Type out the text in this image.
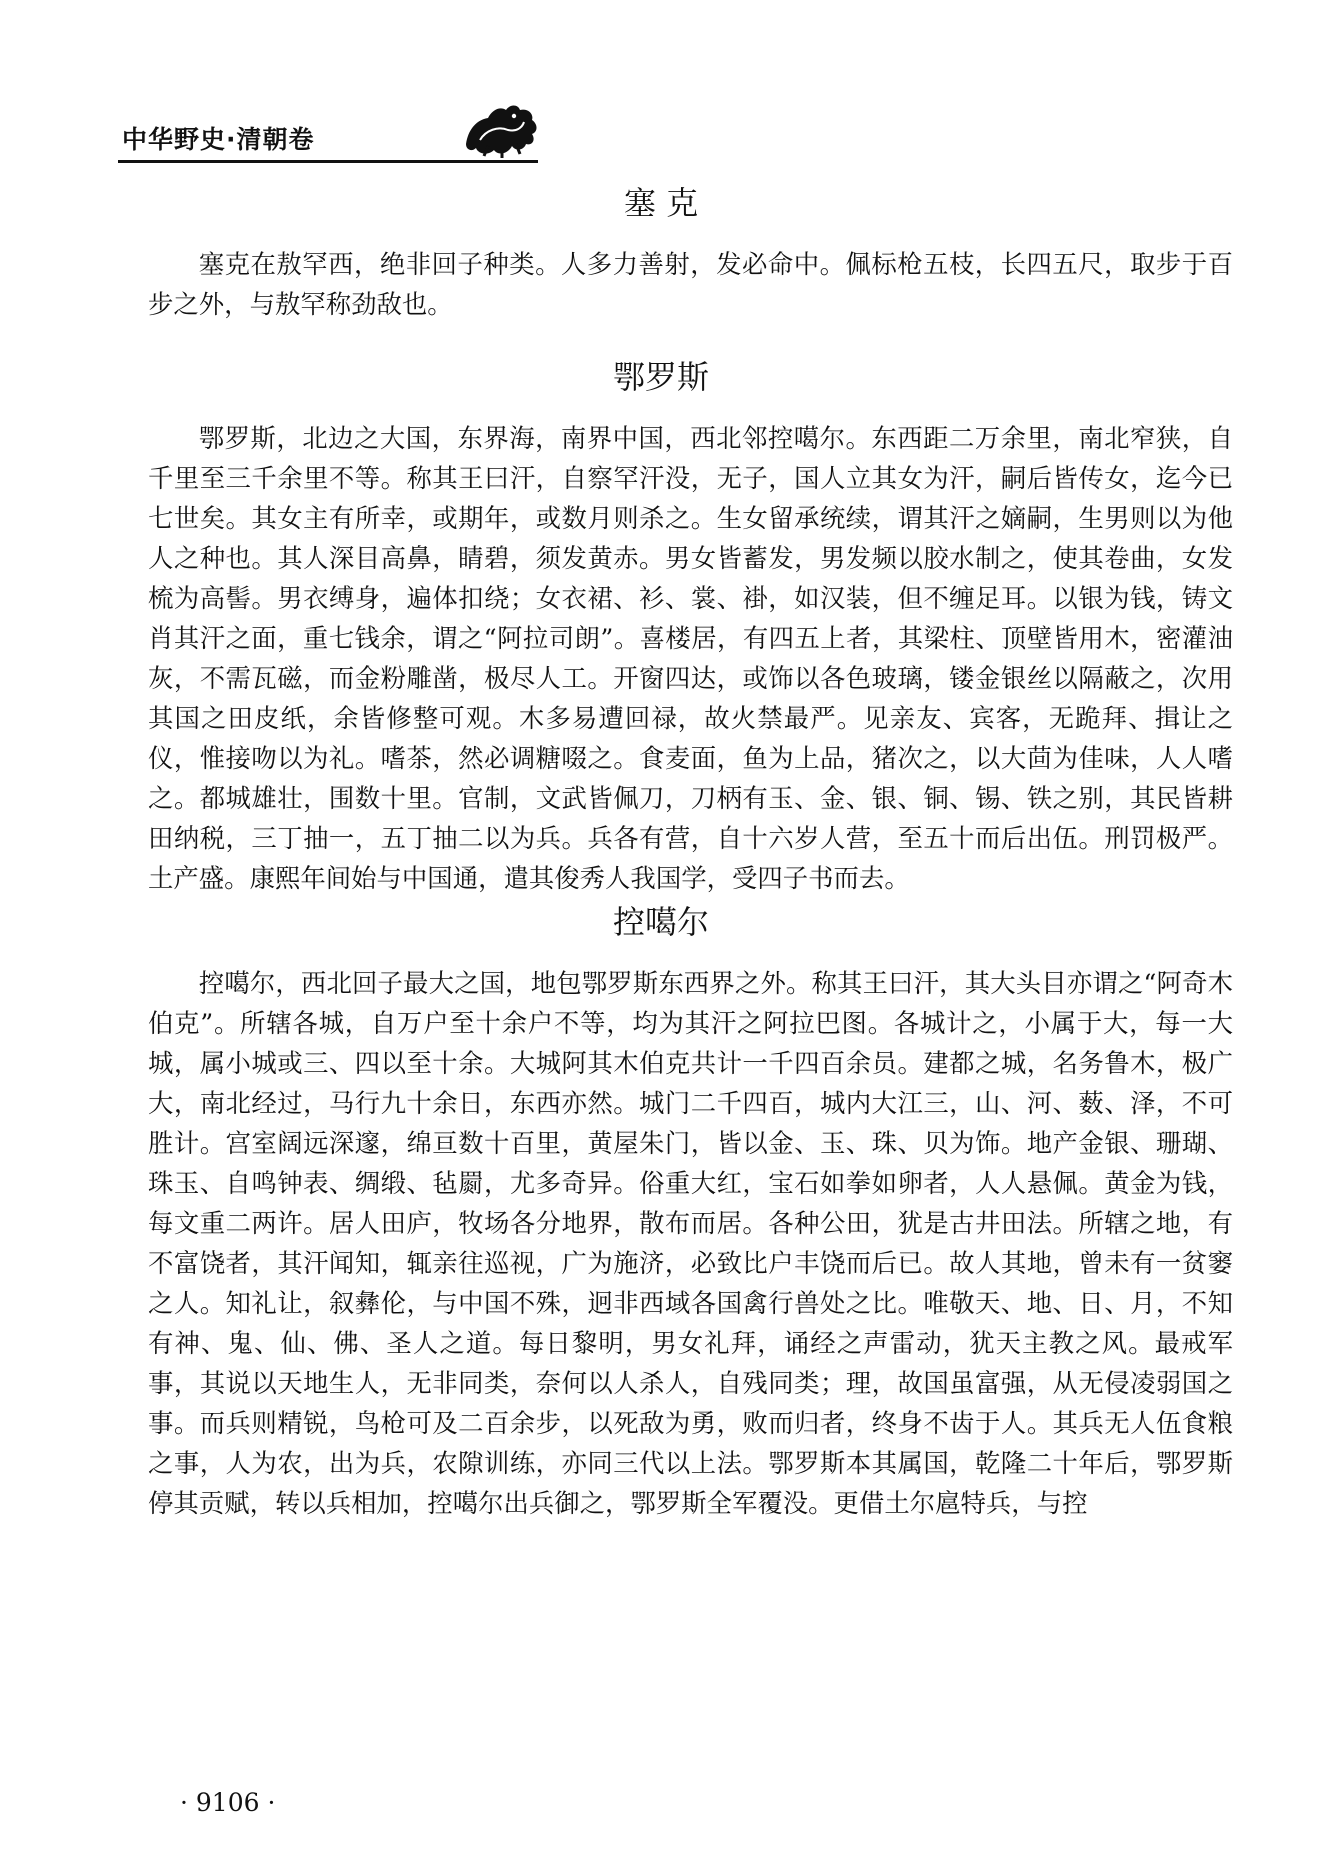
中华野史·清朝卷
塞 克

塞克在敖罕西，绝非回子种类。人多力善射，发必命中。佩标枪五枝，长四五尺，取步于百步之外，与敖罕称劲敌也。

鄂罗斯

鄂罗斯，北边之大国，东界海，南界中国，西北邻控噶尔。东西距二万余里，南北窄狭，自千里至三千余里不等。称其王曰汗，自察罕汗没，无子，国人立其女为汗，嗣后皆传女，迄今已七世矣。其女主有所幸，或期年，或数月则杀之。生女留承统续，谓其汗之嫡嗣，生男则以为他人之种也。其人深目高鼻，睛碧，须发黄赤。男女皆蓄发，男发频以胶水制之，使其卷曲，女发梳为高髻。男衣缚身，遍体扣绕；女衣裙、衫、裳、褂，如汉装，但不缠足耳。以银为钱，铸文肖其汗之面，重七钱余，谓之“阿拉司朗”。喜楼居，有四五上者，其梁柱、顶壁皆用木，密灌油灰，不需瓦磁，而金粉雕凿，极尽人工。开窗四达，或饰以各色玻璃，镂金银丝以隔蔽之，次用其国之田皮纸，余皆修整可观。木多易遭回禄，故火禁最严。见亲友、宾客，无跪拜、揖让之仪，惟接吻以为礼。嗜茶，然必调糖啜之。食麦面，鱼为上品，猪次之，以大茴为佳味，人人嗜之。都城雄壮，围数十里。官制，文武皆佩刀，刀柄有玉、金、银、铜、锡、铁之别，其民皆耕田纳税，三丁抽一，五丁抽二以为兵。兵各有营，自十六岁人营，至五十而后出伍。刑罚极严。土产盛。康熙年间始与中国通，遣其俊秀人我国学，受四子书而去。

控噶尔

控噶尔，西北回子最大之国，地包鄂罗斯东西界之外。称其王曰汗，其大头目亦谓之“阿奇木伯克”。所辖各城，自万户至十余户不等，均为其汗之阿拉巴图。各城计之，小属于大，每一大城，属小城或三、四以至十余。大城阿其木伯克共计一千四百余员。建都之城，名务鲁木，极广大，南北经过，马行九十余日，东西亦然。城门二千四百，城内大江三，山、河、薮、泽，不可胜计。宫室阔远深邃，绵亘数十百里，黄屋朱门，皆以金、玉、珠、贝为饰。地产金银、珊瑚、珠玉、自鸣钟表、绸缎、毡罽，尤多奇异。俗重大红，宝石如拳如卵者，人人悬佩。黄金为钱，每文重二两许。居人田庐，牧场各分地界，散布而居。各种公田，犹是古井田法。所辖之地，有不富饶者，其汗闻知，辄亲往巡视，广为施济，必致比户丰饶而后已。故人其地，曾未有一贫窭之人。知礼让，叙彝伦，与中国不殊，迥非西域各国禽行兽处之比。唯敬天、地、日、月，不知有神、鬼、仙、佛、圣人之道。每日黎明，男女礼拜，诵经之声雷动，犹天主教之风。最戒军事，其说以天地生人，无非同类，奈何以人杀人，自残同类；理，故国虽富强，从无侵凌弱国之事。而兵则精锐，鸟枪可及二百余步，以死敌为勇，败而归者，终身不齿于人。其兵无人伍食粮之事，人为农，出为兵，农隙训练，亦同三代以上法。鄂罗斯本其属国，乾隆二十年后，鄂罗斯停其贡赋，转以兵相加，控噶尔出兵御之，鄂罗斯全军覆没。更借土尔扈特兵，与控

· 9106 ·
